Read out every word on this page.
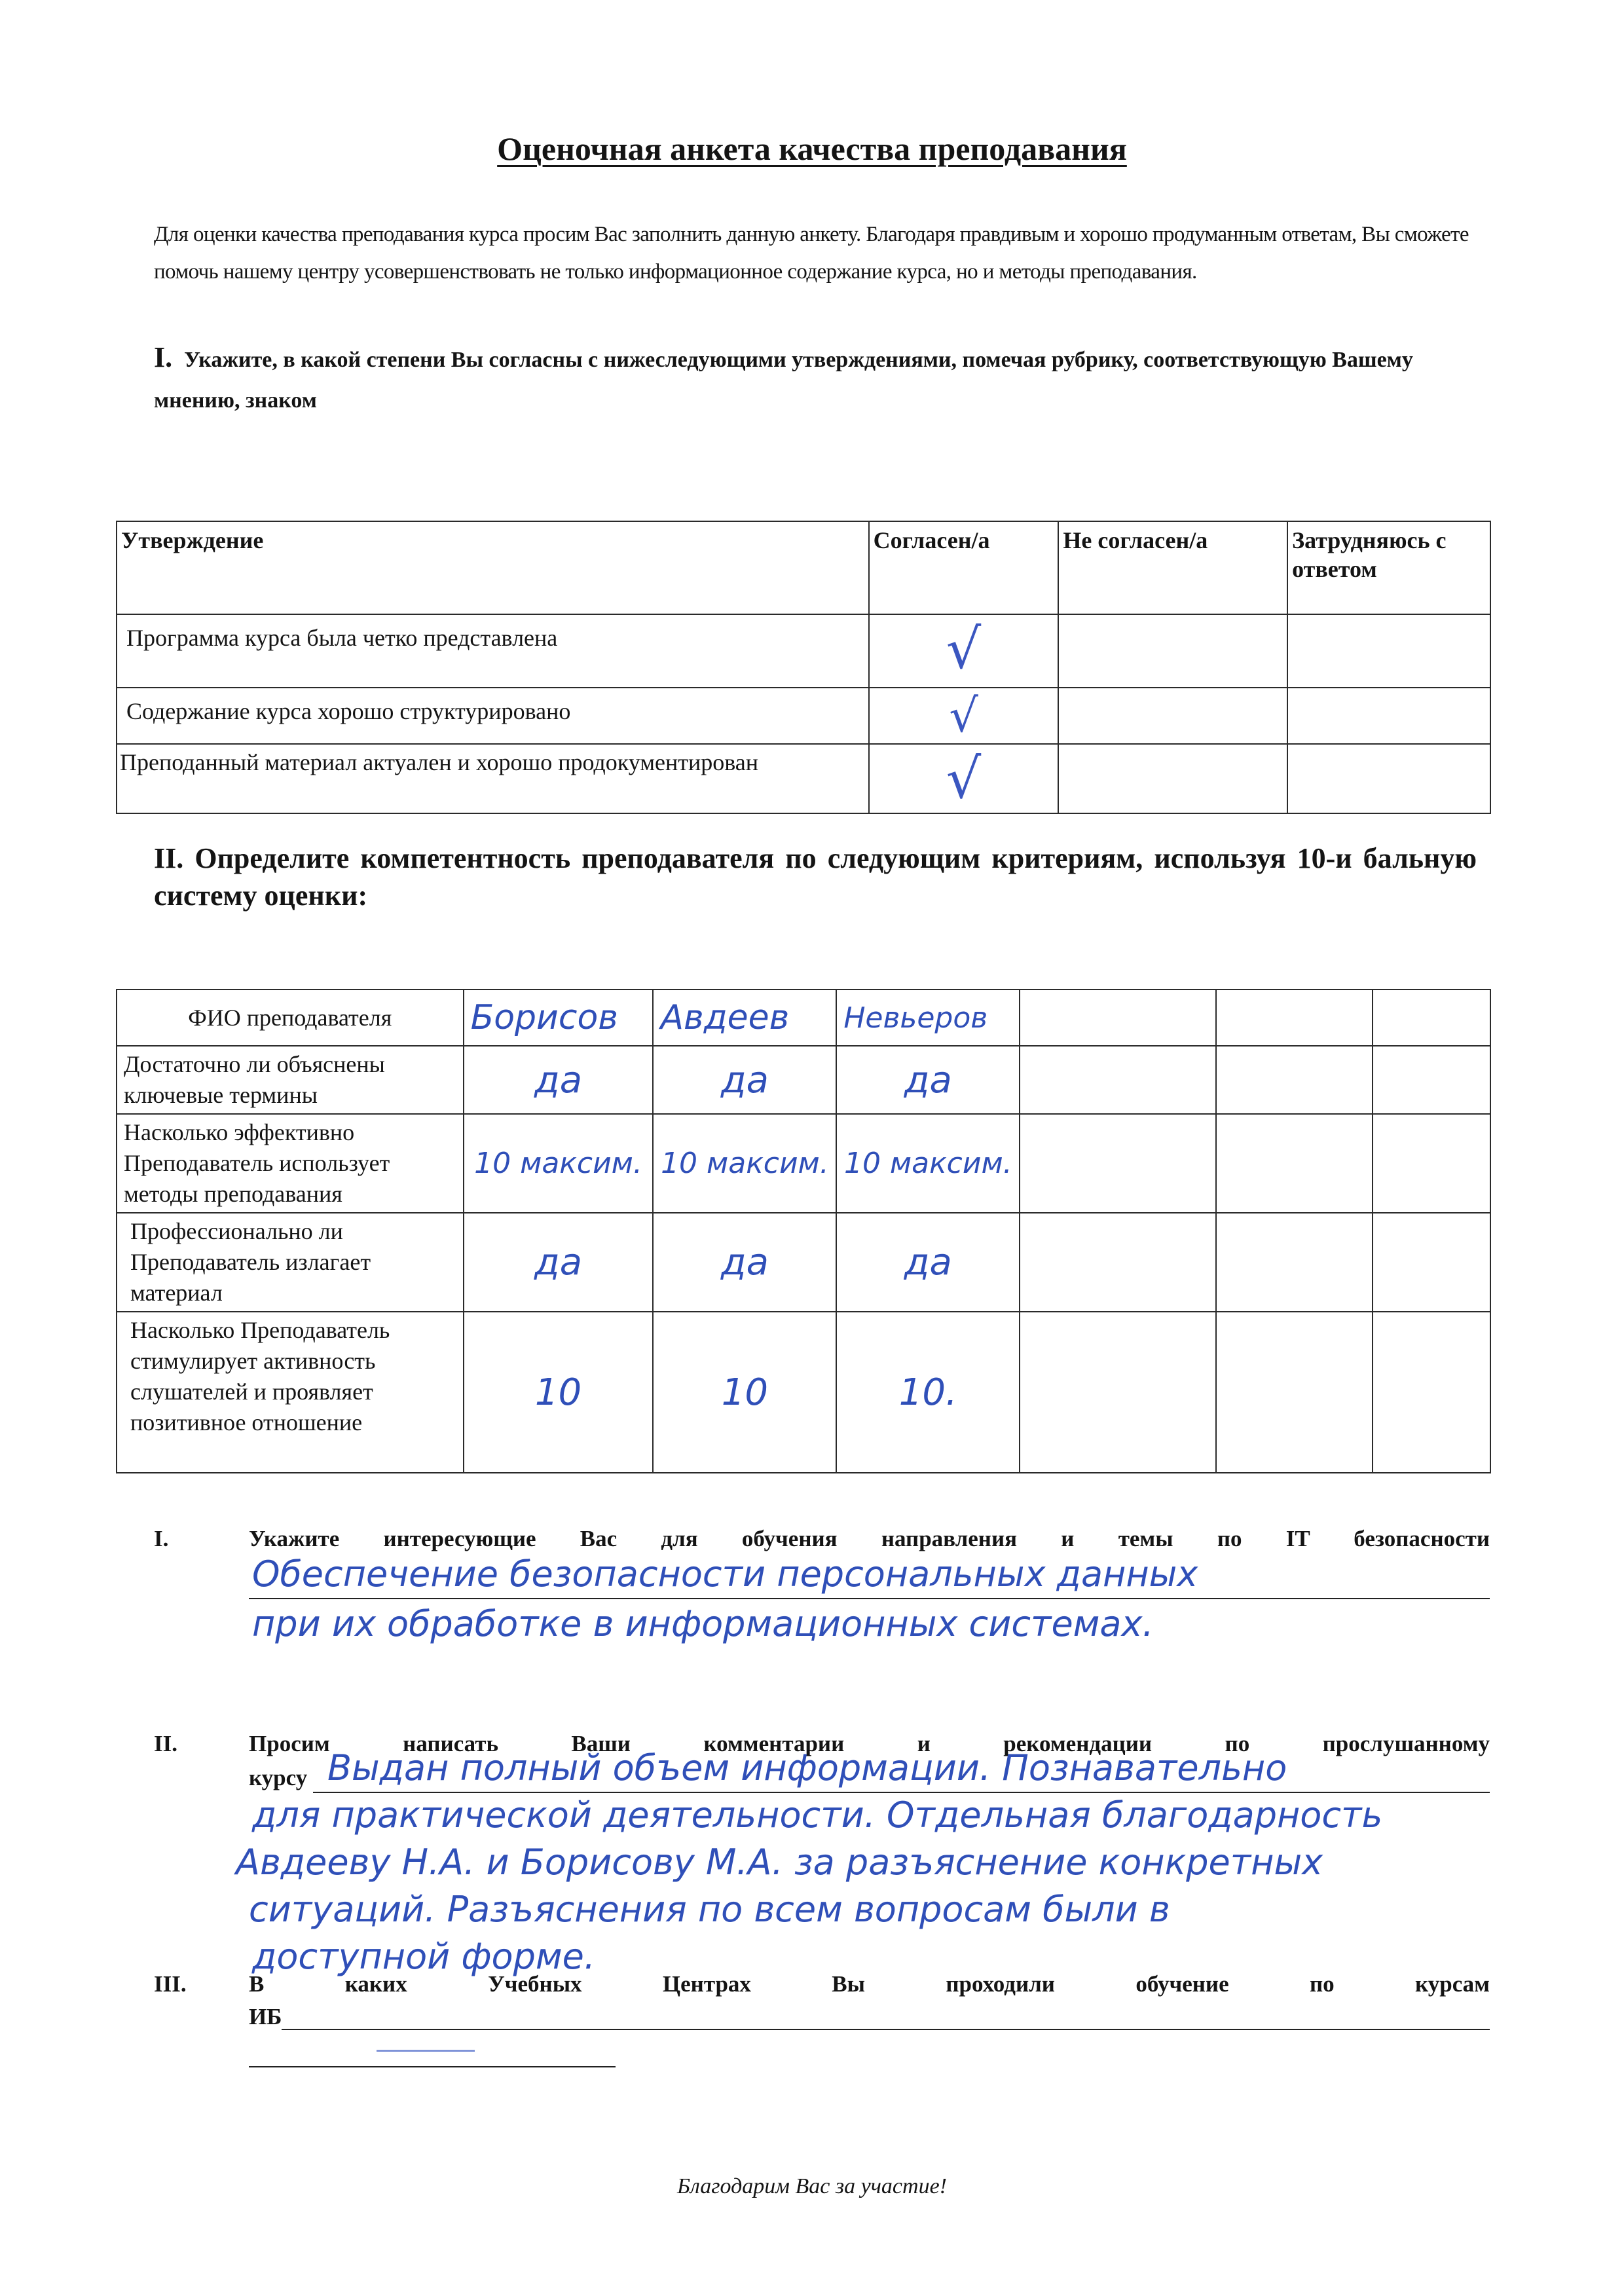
Оценочная анкета качества преподавания
Для оценки качества преподавания курса просим Вас заполнить данную анкету. Благодаря правдивым и хорошо продуманным ответам, Вы сможете помочь нашему центру усовершенствовать не только информационное содержание курса, но и методы преподавания.
I. Укажите, в какой степени Вы согласны с нижеследующими утверждениями, помечая рубрику, соответствующую Вашему мнению, знаком
Утверждение	Согласен/а	Не согласен/а	Затрудняюсь с ответом
Программа курса была четко представлена	√		

Содержание курса хорошо структурировано	√		

Преподанный материал актуален и хорошо продокументирован	√		

II. Определите компетентность преподавателя по следующим критериям, используя 10-и бальную систему оценки:
ФИО преподавателя	Борисов	Авдеев	Невьеров			
Достаточно ли объяснены ключевые термины	да	да	да			
Насколько эффективно Преподаватель использует методы преподавания	10 максим.	10 максим.	10 максим.			
Профессионально ли Преподаватель излагает материал	да	да	да			
Насколько Преподаватель стимулирует активность слушателей и проявляет позитивное отношение	10	10	10.			
I.	Укажите интересующие Вас для обучения направления и темы по IT безопасности
Обеспечение безопасности персональных данных
при их обработке в информационных системах.
II.	Просим написать Ваши комментарии и рекомендации по прослушанному
курсу Выдан полный объем информации. Познавательно
для практической деятельности. Отдельная благодарность
Авдееву Н.А. и Борисову М.А. за разъяснение конкретных
ситуаций. Разъяснения по всем вопросам были в
доступной форме.
III.	В каких Учебных Центрах Вы проходили обучение по курсам
ИБ
Благодарим Вас за участие!
